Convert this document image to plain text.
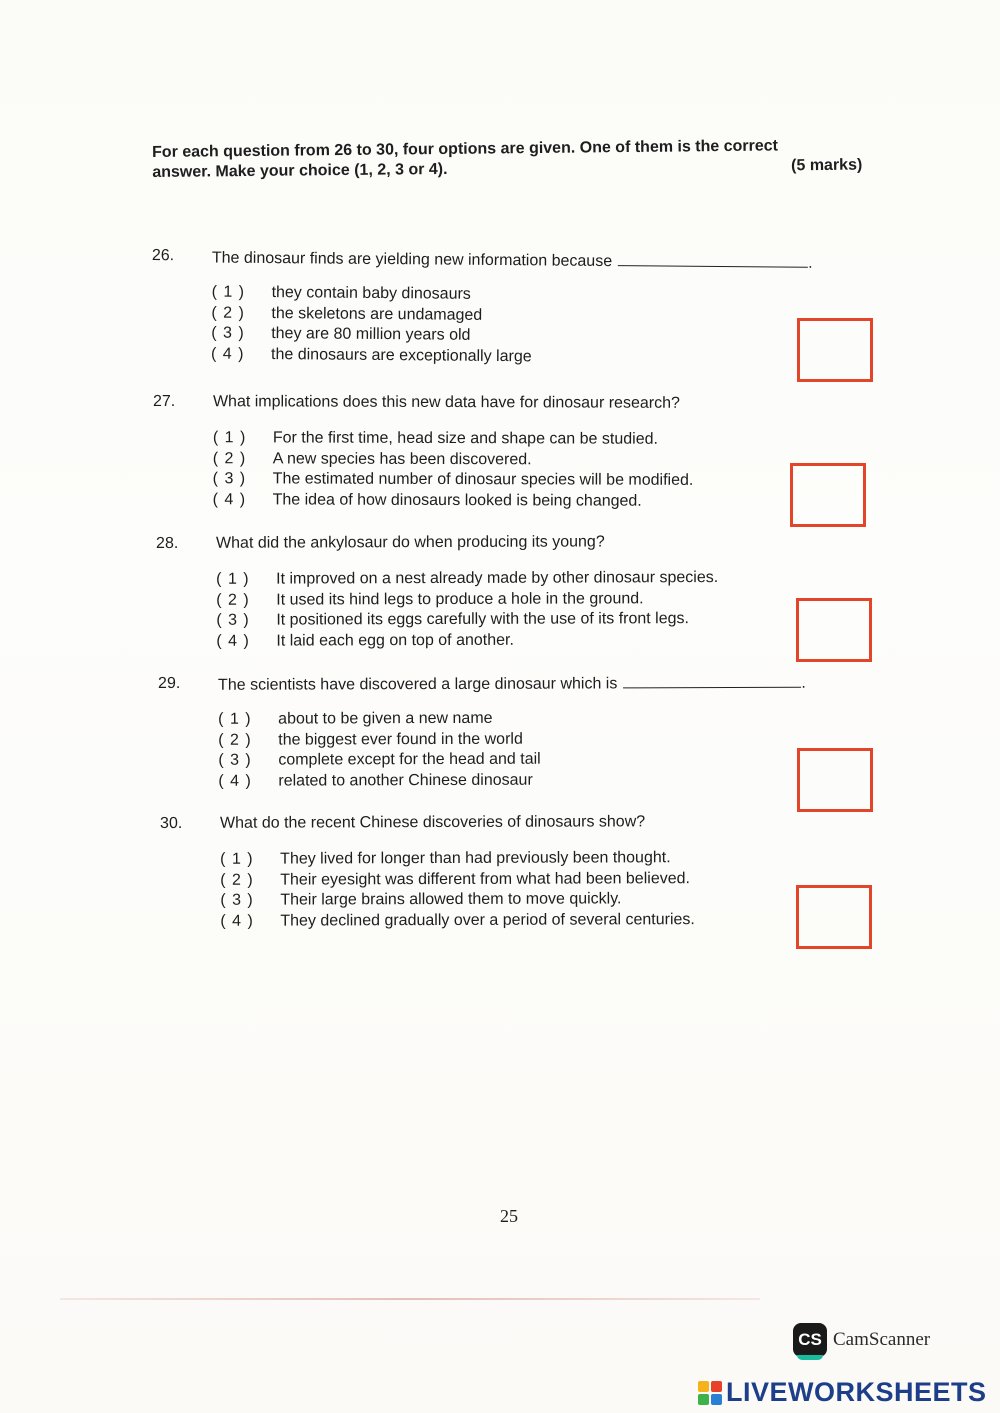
For each question from 26 to 30, four options are given. One of them is the correct
answer. Make your choice (1, 2, 3 or 4).	(5 marks)
26. The dinosaur finds are yielding new information because	.
( 1 ) they contain baby dinosaurs
( 2 ) the skeletons are undamaged
( 3 ) they are 80 million years old
( 4 ) the dinosaurs are exceptionally large
27. What implications does this new data have for dinosaur research?
( 1 ) For the first time, head size and shape can be studied.
( 2 ) A new species has been discovered.
( 3 ) The estimated number of dinosaur species will be modified.
( 4 ) The idea of how dinosaurs looked is being changed.
28. What did the ankylosaur do when producing its young?
( 1 ) It improved on a nest already made by other dinosaur species.
( 2 ) It used its hind legs to produce a hole in the ground.
( 3 ) It positioned its eggs carefully with the use of its front legs.
( 4 ) It laid each egg on top of another.
29. The scientists have discovered a large dinosaur which is	.
( 1 ) about to be given a new name
( 2 ) the biggest ever found in the world
( 3 ) complete except for the head and tail
( 4 ) related to another Chinese dinosaur
30. What do the recent Chinese discoveries of dinosaurs show?
( 1 ) They lived for longer than had previously been thought.
( 2 ) Their eyesight was different from what had been believed.
( 3 ) Their large brains allowed them to move quickly.
( 4 ) They declined gradually over a period of several centuries.
25
CS CamScanner
LIVEWORKSHEETS
